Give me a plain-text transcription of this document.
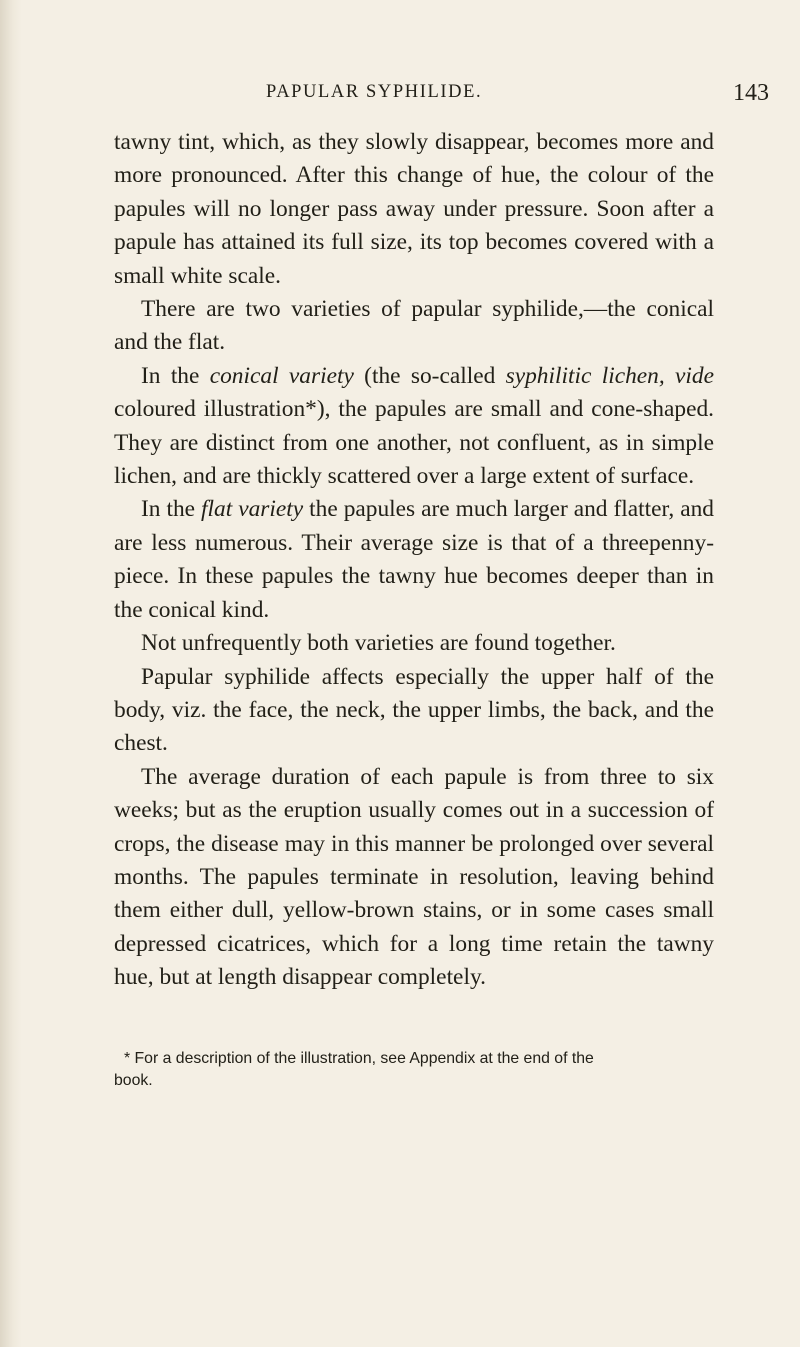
PAPULAR SYPHILIDE.	143

tawny tint, which, as they slowly disappear, becomes more and more pronounced. After this change of hue, the colour of the papules will no longer pass away under pressure. Soon after a papule has attained its full size, its top becomes covered with a small white scale.

There are two varieties of papular syphilide,—the conical and the flat.

In the conical variety (the so-called syphilitic lichen, vide coloured illustration*), the papules are small and cone-shaped. They are distinct from one another, not confluent, as in simple lichen, and are thickly scattered over a large extent of surface.

In the flat variety the papules are much larger and flatter, and are less numerous. Their average size is that of a threepenny-piece. In these papules the tawny hue becomes deeper than in the conical kind.

Not unfrequently both varieties are found together.

Papular syphilide affects especially the upper half of the body, viz. the face, the neck, the upper limbs, the back, and the chest.

The average duration of each papule is from three to six weeks; but as the eruption usually comes out in a succession of crops, the disease may in this manner be prolonged over several months. The papules terminate in resolution, leaving behind them either dull, yellow-brown stains, or in some cases small depressed cicatrices, which for a long time retain the tawny hue, but at length disappear completely.

* For a description of the illustration, see Appendix at the end of the
book.
